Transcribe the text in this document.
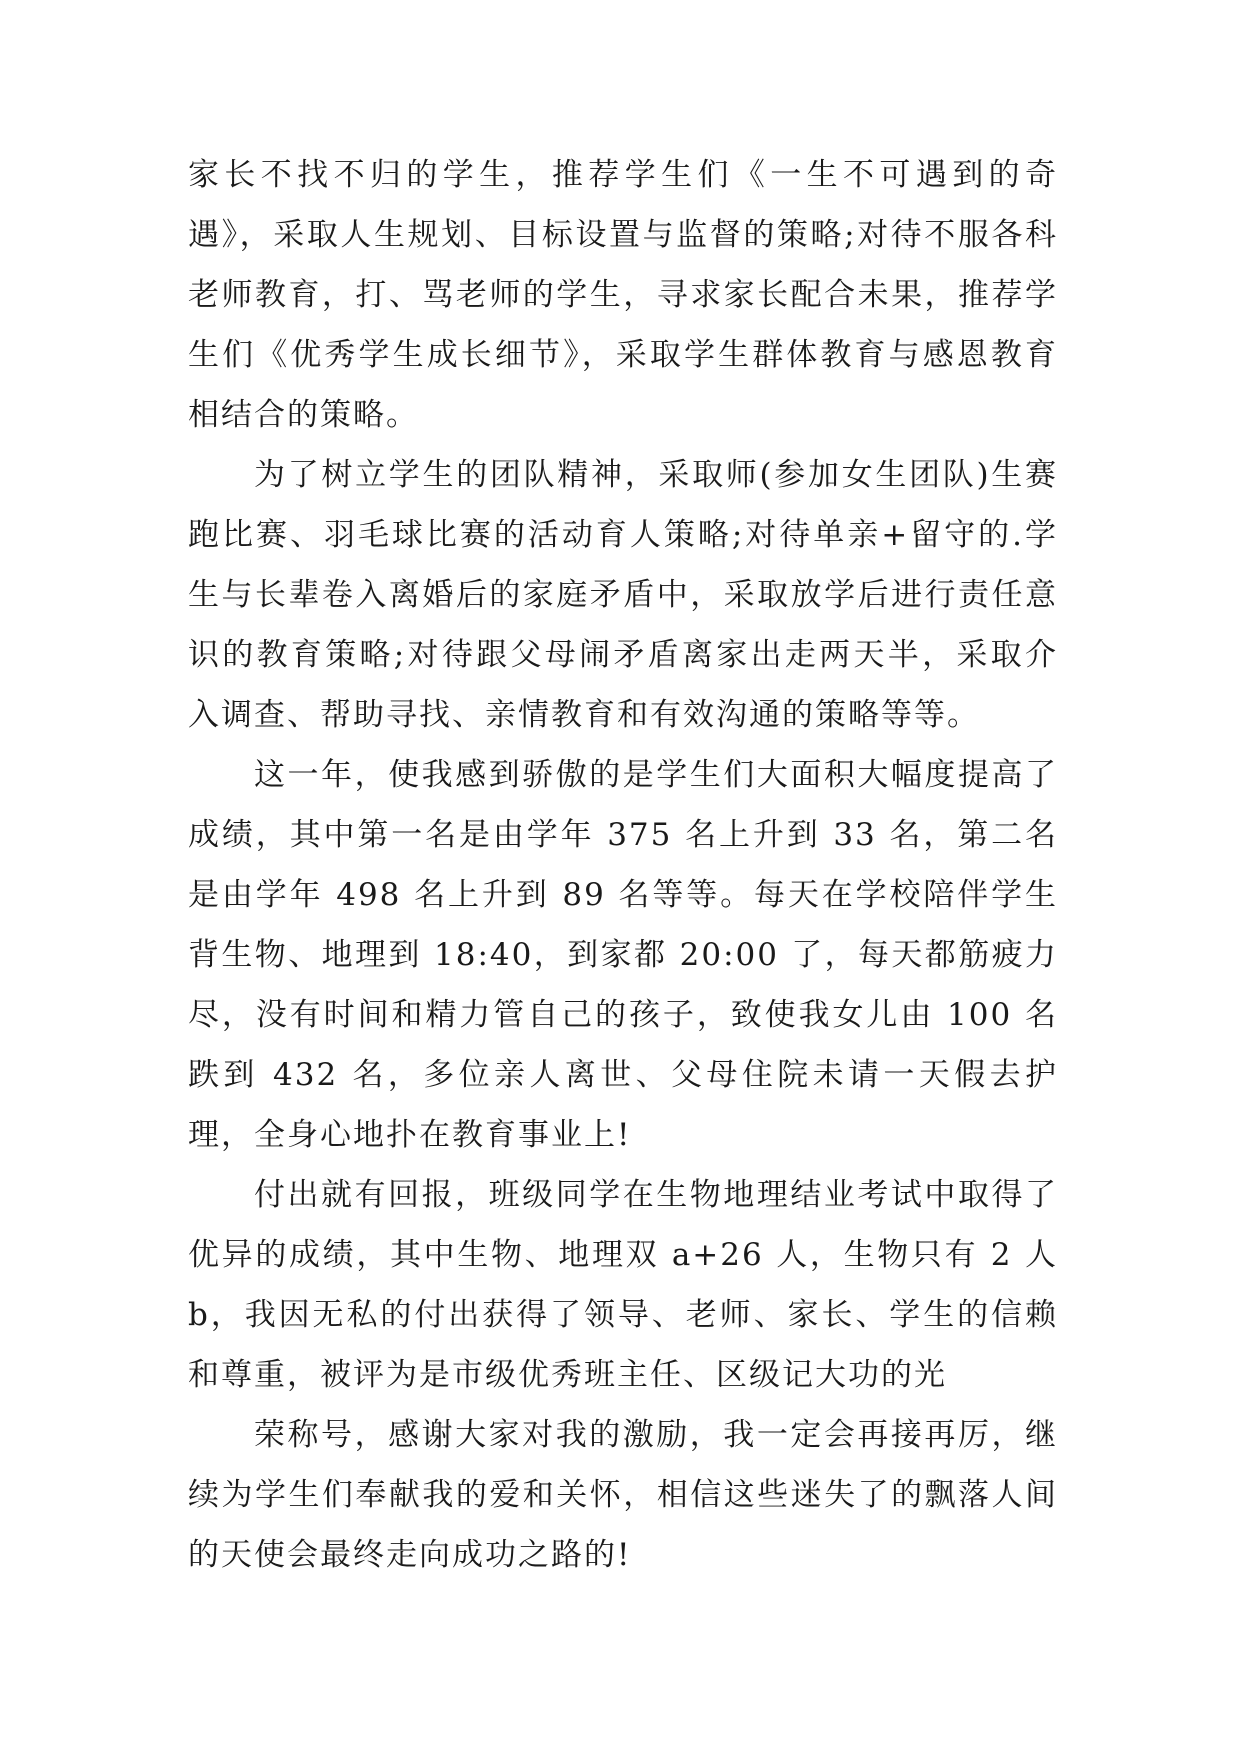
家长不找不归的学生，推荐学生们《一生不可遇到的奇遇》，采取人生规划、目标设置与监督的策略;对待不服各科老师教育，打、骂老师的学生，寻求家长配合未果，推荐学生们《优秀学生成长细节》，采取学生群体教育与感恩教育相结合的策略。

为了树立学生的团队精神，采取师(参加女生团队)生赛跑比赛、羽毛球比赛的活动育人策略;对待单亲+留守的.学生与长辈卷入离婚后的家庭矛盾中，采取放学后进行责任意识的教育策略;对待跟父母闹矛盾离家出走两天半，采取介入调查、帮助寻找、亲情教育和有效沟通的策略等等。

这一年，使我感到骄傲的是学生们大面积大幅度提高了成绩，其中第一名是由学年 375 名上升到 33 名，第二名是由学年 498 名上升到 89 名等等。每天在学校陪伴学生背生物、地理到 18:40，到家都 20:00 了，每天都筋疲力尽，没有时间和精力管自己的孩子，致使我女儿由 100 名跌到 432 名，多位亲人离世、父母住院未请一天假去护理，全身心地扑在教育事业上!

付出就有回报，班级同学在生物地理结业考试中取得了优异的成绩，其中生物、地理双 a+26 人，生物只有 2 人 b，我因无私的付出获得了领导、老师、家长、学生的信赖和尊重，被评为是市级优秀班主任、区级记大功的光

荣称号，感谢大家对我的激励，我一定会再接再厉，继续为学生们奉献我的爱和关怀，相信这些迷失了的飘落人间的天使会最终走向成功之路的!
